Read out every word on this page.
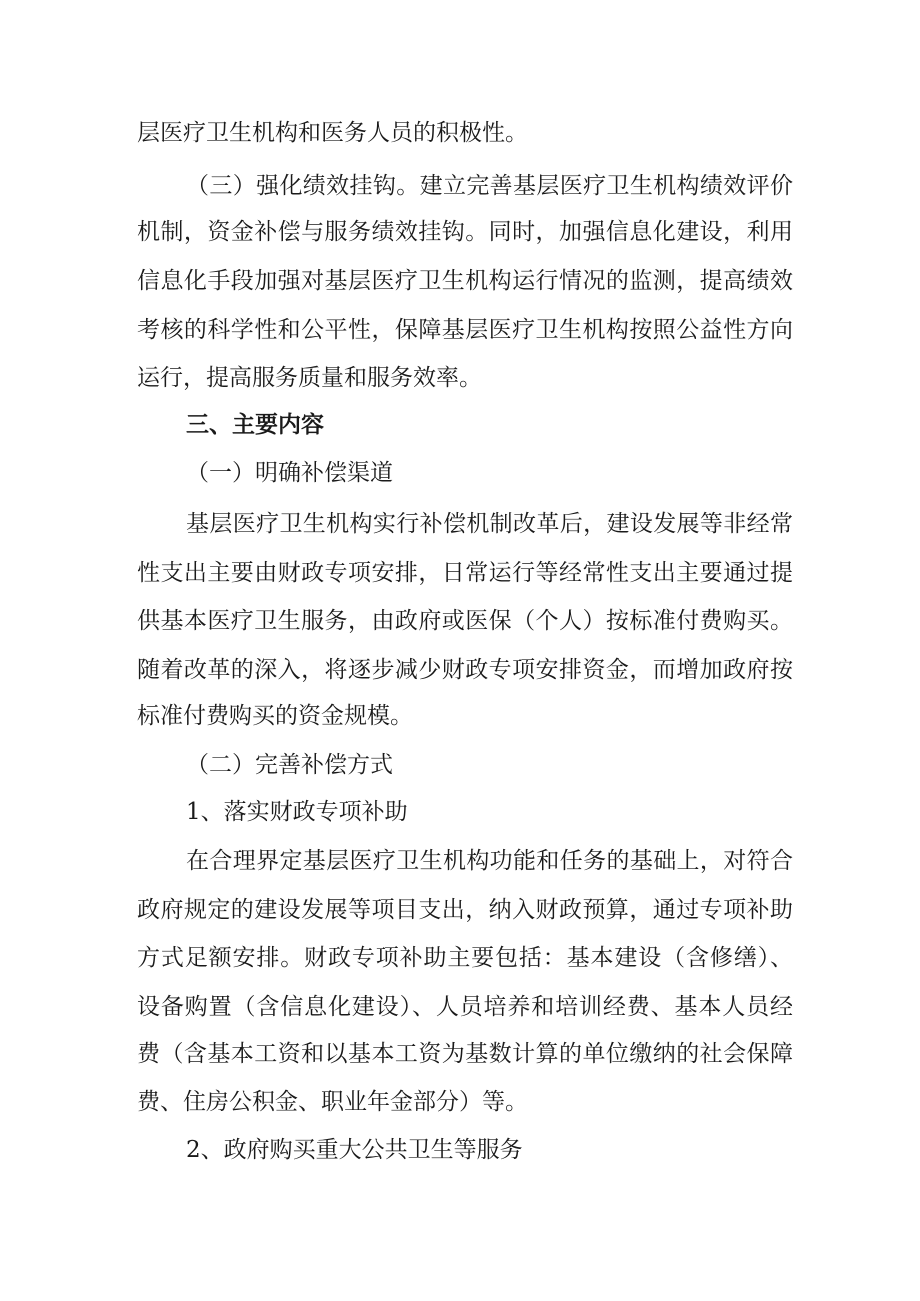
层医疗卫生机构和医务人员的积极性。
（三）强化绩效挂钩。建立完善基层医疗卫生机构绩效评价
机制，资金补偿与服务绩效挂钩。同时，加强信息化建设，利用
信息化手段加强对基层医疗卫生机构运行情况的监测，提高绩效
考核的科学性和公平性，保障基层医疗卫生机构按照公益性方向
运行，提高服务质量和服务效率。
三、主要内容
（一）明确补偿渠道
基层医疗卫生机构实行补偿机制改革后，建设发展等非经常
性支出主要由财政专项安排，日常运行等经常性支出主要通过提
供基本医疗卫生服务，由政府或医保（个人）按标准付费购买。
随着改革的深入，将逐步减少财政专项安排资金，而增加政府按
标准付费购买的资金规模。
（二）完善补偿方式
1、落实财政专项补助
在合理界定基层医疗卫生机构功能和任务的基础上，对符合
政府规定的建设发展等项目支出，纳入财政预算，通过专项补助
方式足额安排。财政专项补助主要包括：基本建设（含修缮）、
设备购置（含信息化建设）、人员培养和培训经费、基本人员经
费（含基本工资和以基本工资为基数计算的单位缴纳的社会保障
费、住房公积金、职业年金部分）等。
2、政府购买重大公共卫生等服务
